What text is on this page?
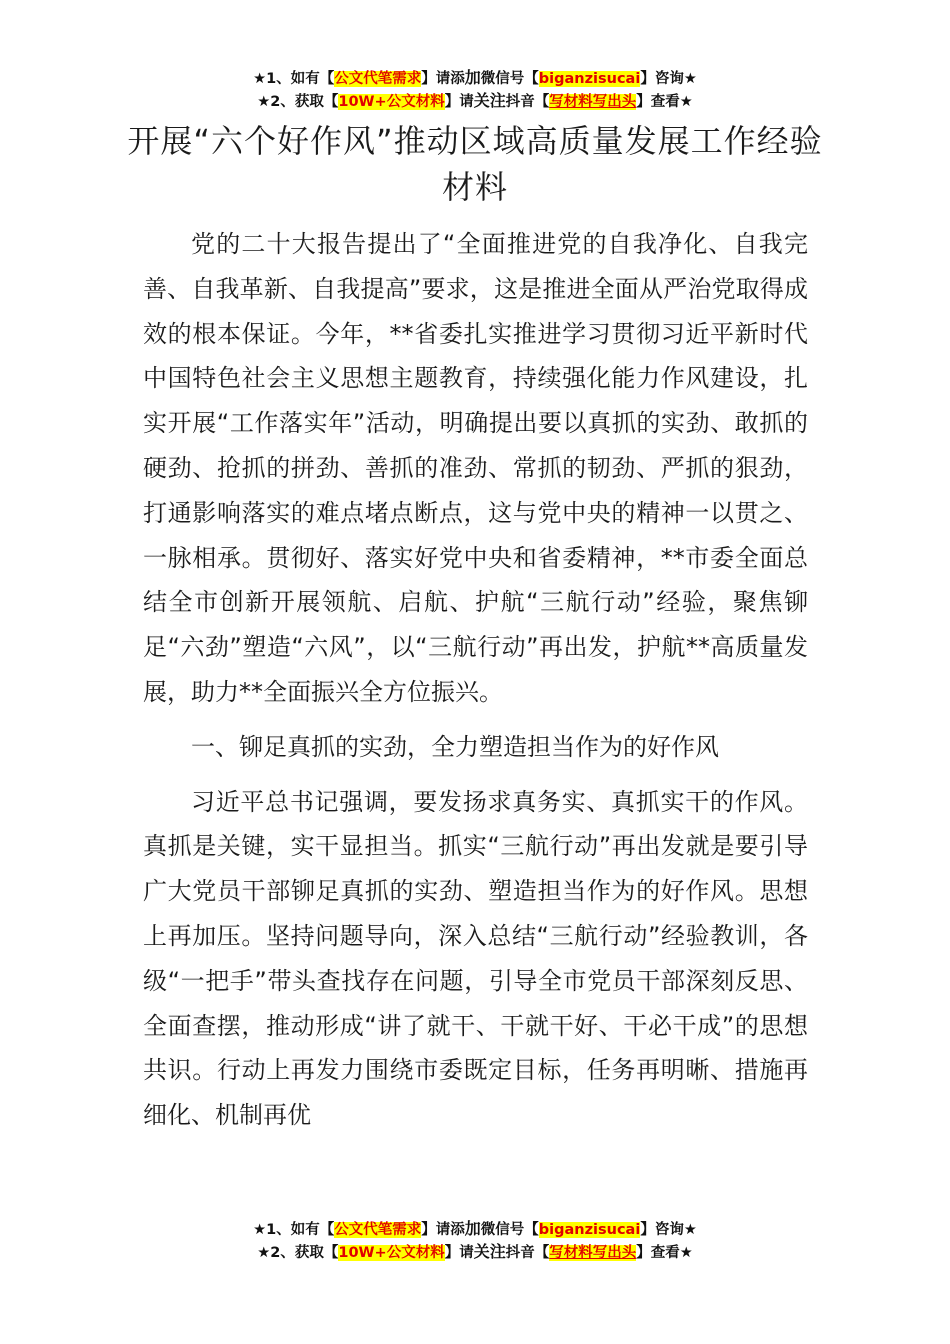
★1、如有【公文代笔需求】请添加微信号【biganzisucai】咨询★
★2、获取【10W+公文材料】请关注抖音【写材料写出头】查看★
开展“六个好作风”推动区域高质量发展工作经验材料

党的二十大报告提出了“全面推进党的自我净化、自我完善、自我革新、自我提高”要求，这是推进全面从严治党取得成效的根本保证。今年，**省委扎实推进学习贯彻习近平新时代中国特色社会主义思想主题教育，持续强化能力作风建设，扎实开展“工作落实年”活动，明确提出要以真抓的实劲、敢抓的硬劲、抢抓的拼劲、善抓的准劲、常抓的韧劲、严抓的狠劲，打通影响落实的难点堵点断点，这与党中央的精神一以贯之、一脉相承。贯彻好、落实好党中央和省委精神，**市委全面总结全市创新开展领航、启航、护航“三航行动”经验，聚焦铆足“六劲”塑造“六风”，以“三航行动”再出发，护航**高质量发展，助力**全面振兴全方位振兴。

一、铆足真抓的实劲，全力塑造担当作为的好作风

习近平总书记强调，要发扬求真务实、真抓实干的作风。真抓是关键，实干显担当。抓实“三航行动”再出发就是要引导广大党员干部铆足真抓的实劲、塑造担当作为的好作风。思想上再加压。坚持问题导向，深入总结“三航行动”经验教训，各级“一把手”带头查找存在问题，引导全市党员干部深刻反思、全面查摆，推动形成“讲了就干、干就干好、干必干成”的思想共识。行动上再发力围绕市委既定目标，任务再明晰、措施再细化、机制再优

★1、如有【公文代笔需求】请添加微信号【biganzisucai】咨询★
★2、获取【10W+公文材料】请关注抖音【写材料写出头】查看★
